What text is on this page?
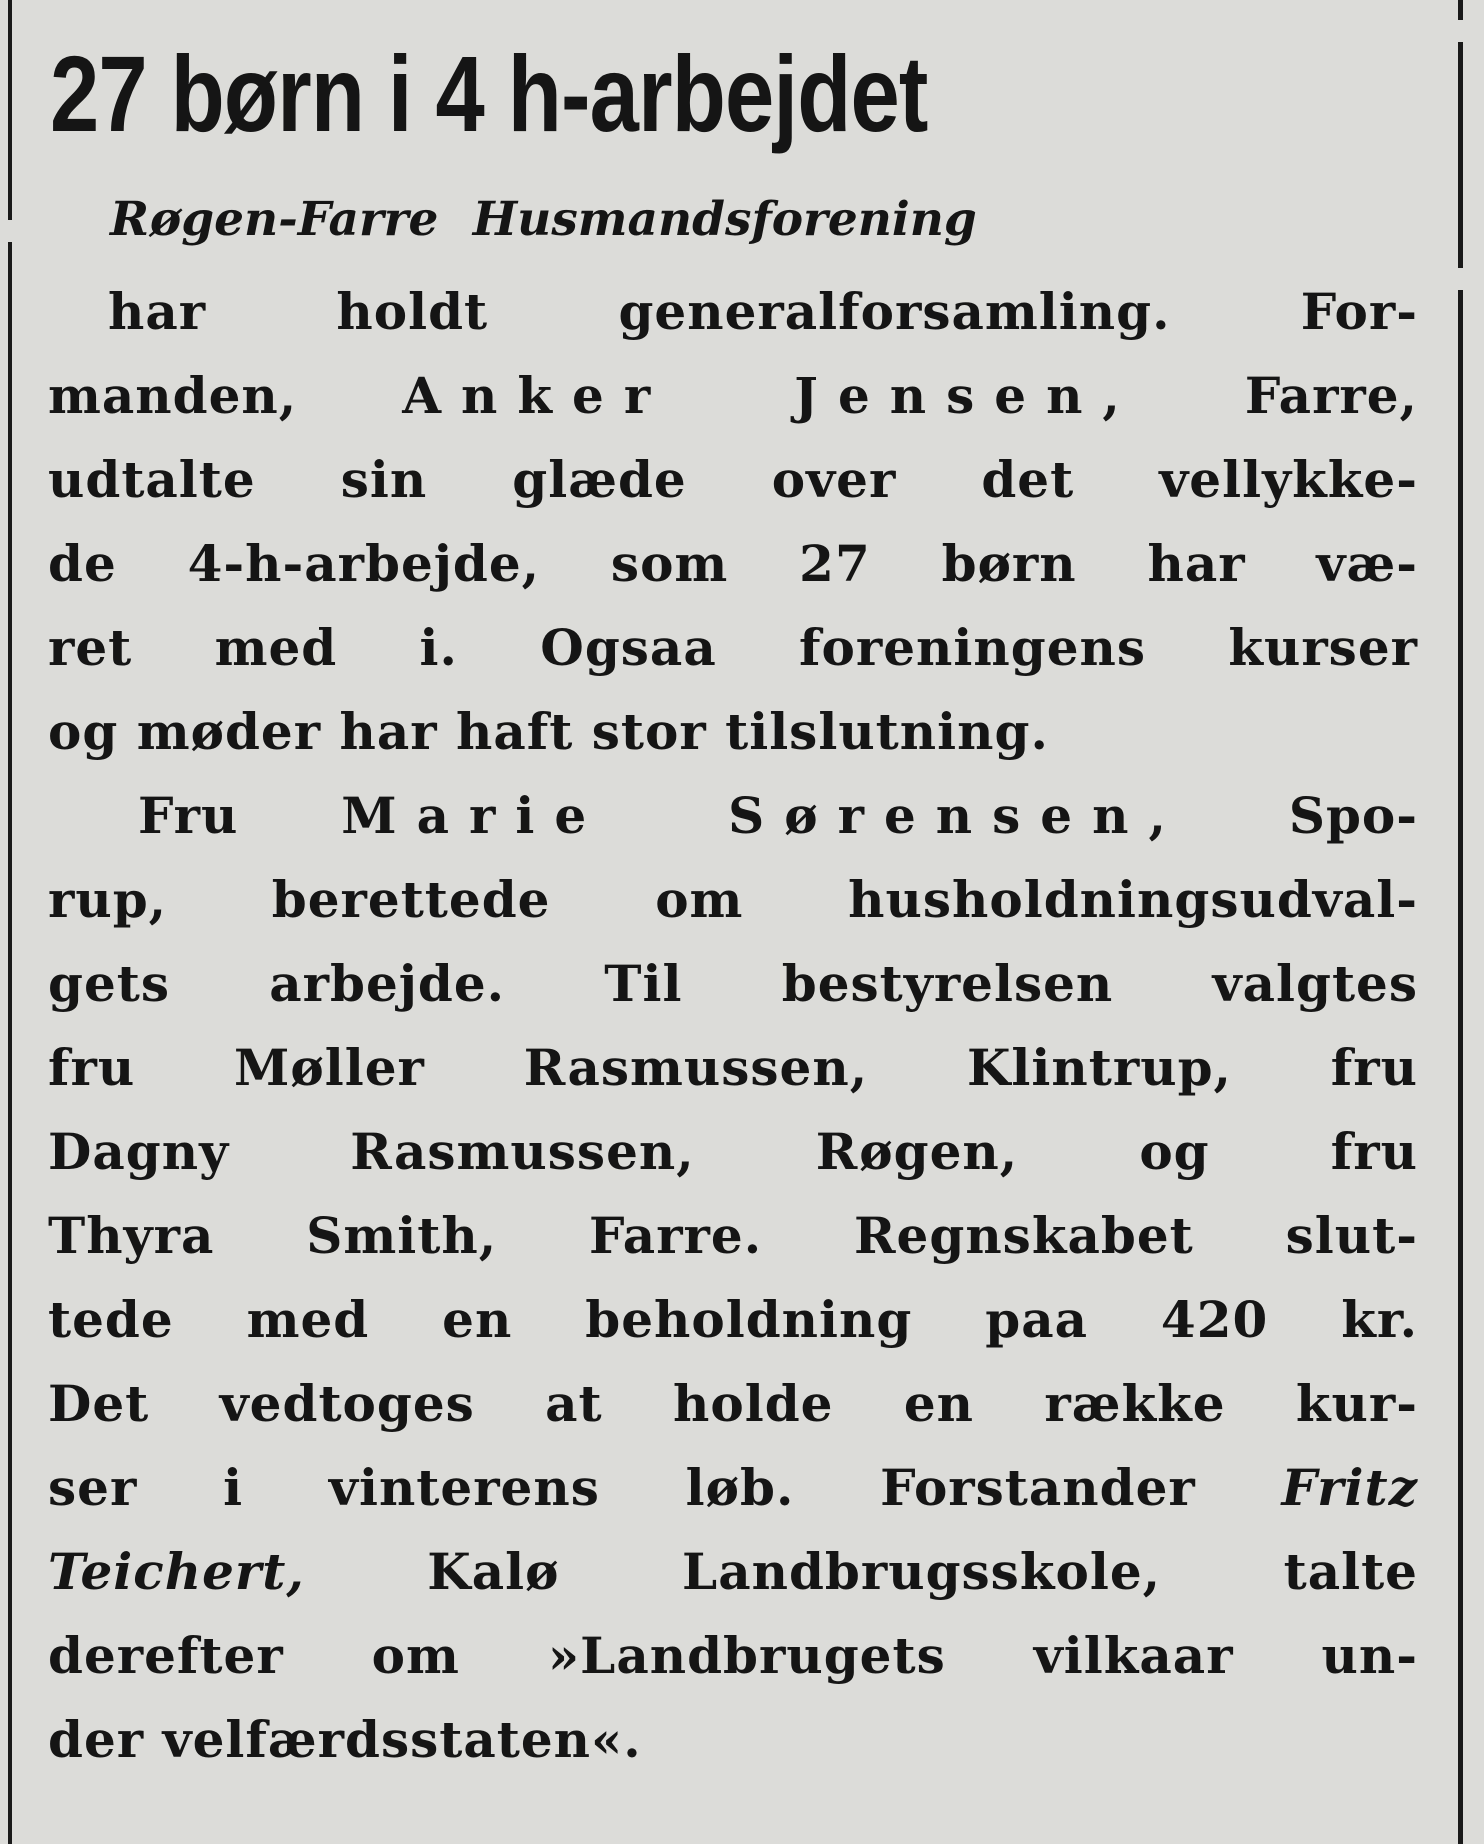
27 børn i 4 h-arbejdet

Røgen-Farre Husmandsforening

har holdt generalforsamling. For-
manden, Anker Jensen, Farre,
udtalte sin glæde over det vellykke-
de 4-h-arbejde, som 27 børn har væ-
ret med i. Ogsaa foreningens kurser
og møder har haft stor tilslutning.
Fru Marie Sørensen, Spo-
rup, berettede om husholdningsudval-
gets arbejde. Til bestyrelsen valgtes
fru Møller Rasmussen, Klintrup, fru
Dagny Rasmussen, Røgen, og fru
Thyra Smith, Farre. Regnskabet slut-
tede med en beholdning paa 420 kr.
Det vedtoges at holde en række kur-
ser i vinterens løb. Forstander Fritz
Teichert, Kalø Landbrugsskole, talte
derefter om »Landbrugets vilkaar un-
der velfærdsstaten«.
